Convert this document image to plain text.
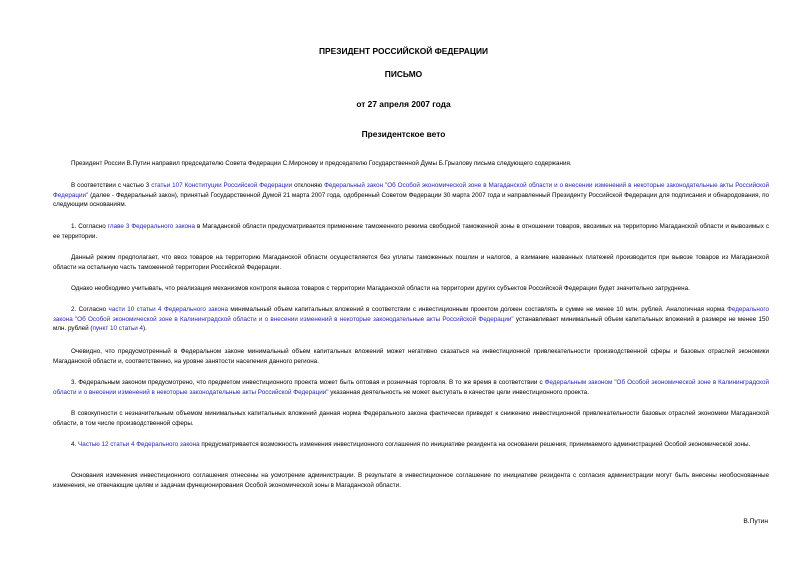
ПРЕЗИДЕНТ РОССИЙСКОЙ ФЕДЕРАЦИИ
ПИСЬМО
от 27 апреля 2007 года
Президентское вето

Президент России В.Путин направил председателю Совета Федерации С.Миронову и председателю Государственной Думы Б.Грызлову письма следующего содержания.

В соответствии с частью 3 статьи 107 Конституции Российской Федерации отклоняю Федеральный закон "Об Особой экономической зоне в Магаданской области и о внесении изменений в некоторые законодательные акты Российской Федерации" (далее - Федеральный закон), принятый Государственной Думой 21 марта 2007 года, одобренный Советом Федерации 30 марта 2007 года и направленный Президенту Российской Федерации для подписания и обнародования, по следующим основаниям.

1. Согласно главе 3 Федерального закона в Магаданской области предусматривается применение таможенного режима свободной таможенной зоны в отношении товаров, ввозимых на территорию Магаданской области и вывозимых с ее территории.

Данный режим предполагает, что ввоз товаров на территорию Магаданской области осуществляется без уплаты таможенных пошлин и налогов, а взимание названных платежей производится при вывозе товаров из Магаданской области на остальную часть таможенной территории Российской Федерации.

Однако необходимо учитывать, что реализация механизмов контроля вывоза товаров с территории Магаданской области на территории других субъектов Российской Федерации будет значительно затруднена.

2. Согласно части 10 статьи 4 Федерального закона минимальный объем капитальных вложений в соответствии с инвестиционным проектом должен составлять в сумме не менее 10 млн. рублей. Аналогичная норма Федерального закона "Об Особой экономической зоне в Калининградской области и о внесении изменений в некоторые законодательные акты Российской Федерации" устанавливает минимальный объем капитальных вложений в размере не менее 150 млн. рублей (пункт 10 статьи 4).

Очевидно, что предусмотренный в Федеральном законе минимальный объем капитальных вложений может негативно сказаться на инвестиционной привлекательности производственной сферы и базовых отраслей экономики Магаданской области и, соответственно, на уровне занятости населения данного региона.

3. Федеральным законом предусмотрено, что предметом инвестиционного проекта может быть оптовая и розничная торговля. В то же время в соответствии с Федеральным законом "Об Особой экономической зоне в Калининградской области и о внесении изменений в некоторые законодательные акты Российской Федерации" указанная деятельность не может выступать в качестве цели инвестиционного проекта.

В совокупности с незначительным объемом минимальных капитальных вложений данная норма Федерального закона фактически приведет к снижению инвестиционной привлекательности базовых отраслей экономики Магаданской области, в том числе производственной сферы.

4. Частью 12 статьи 4 Федерального закона предусматривается возможность изменения инвестиционного соглашения по инициативе резидента на основании решения, принимаемого администрацией Особой экономической зоны.

Основания изменения инвестиционного соглашения отнесены на усмотрение администрации. В результате в инвестиционное соглашение по инициативе резидента с согласия администрации могут быть внесены необоснованные изменения, не отвечающие целям и задачам функционирования Особой экономической зоны в Магаданской области.

В.Путин
